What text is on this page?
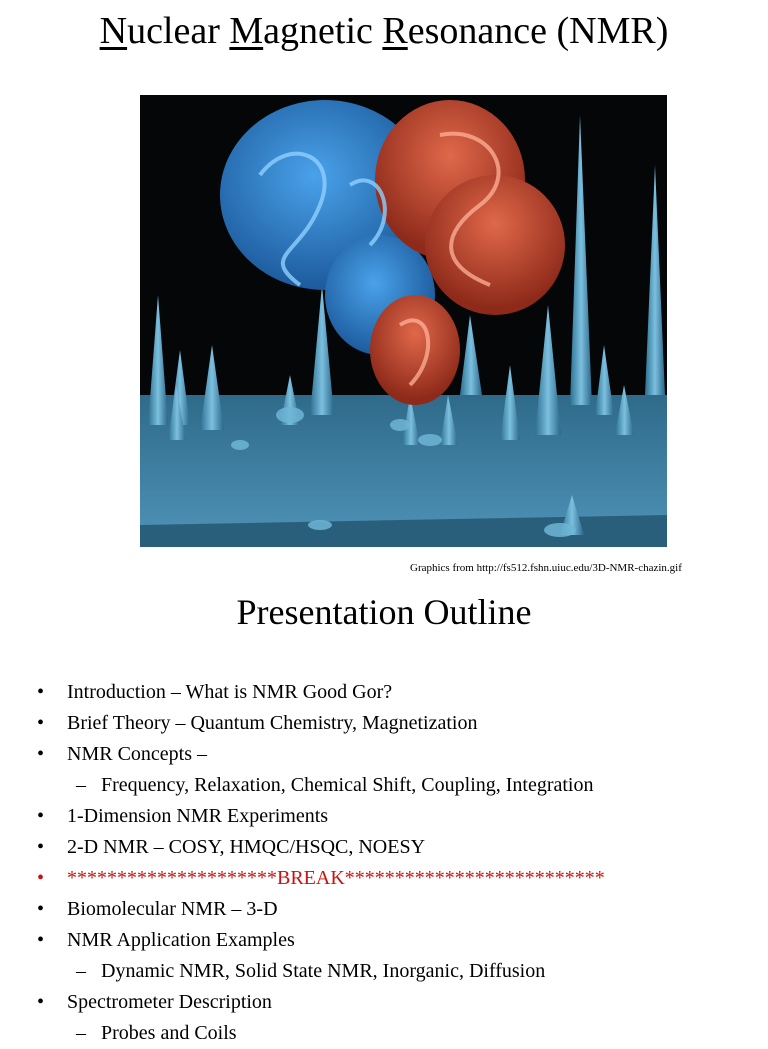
Nuclear Magnetic Resonance (NMR)
Graphics from http://fs512.fshn.uiuc.edu/3D-NMR-chazin.gif
Presentation Outline
• Introduction – What is NMR Good Gor?
• Brief Theory – Quantum Chemistry, Magnetization
• NMR Concepts –
– Frequency, Relaxation, Chemical Shift, Coupling, Integration
• 1-Dimension NMR Experiments
• 2-D NMR – COSY, HMQC/HSQC, NOESY
• *********************BREAK**************************
• Biomolecular NMR – 3-D
• NMR Application Examples
– Dynamic NMR, Solid State NMR, Inorganic, Diffusion
• Spectrometer Description
– Probes and Coils
